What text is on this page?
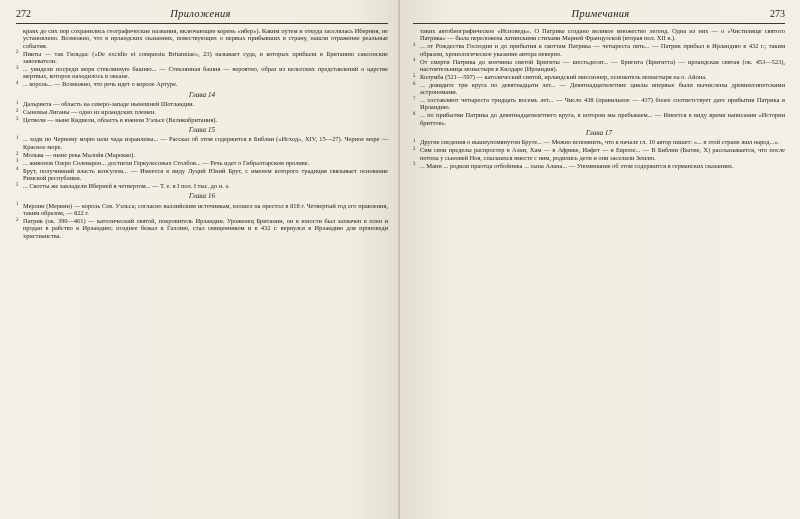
272	Приложения
краях до сих пор сохранились географические названия, включающие корень «ибер»). Каким путем и откуда заселялась Иберния, не установлено. Возможно, что в ирландских сказаниях, повествующих о первых прибывших в страну, нашли отражение реальные события.
2 Пикты — так Гильдас («De excidio et conquestu Britanniae», 23) называет суда, в которых прибыли в Британию саксонские завоеватели.
3 ... увидели посреди моря стеклянную башню... — Стеклянная башня — вероятно, образ из кельтских представлений о царстве мертвых, которое находилось в океане.
4 ... король... — Возможно, что речь идет о короле Артуре.
Глава 14
1 Дальриета — область на северо-западе нынешней Шотландии.
2 Сыновья Лиганы — одно из ирландских племен.
3 Цетвели — ныне Кидвели, область в южном Уэльсе (Великобритания).
Глава 15
1 ... ходи по Черному морю шли чада израилевы... — Рассказ об этом содержится в Библии («Исход», XIV, 15—27). Черное море — Красное море.
2 Мольва — ныне река Малойя (Марокко).
3 ... живопов Озеро Солеварен... достигли Геркулесовых Столбов... — Речь идет о Гибралтарском проливе.
4 Брут, получивший власть консулом... — Имеется в виду Луций Юний Брут, с именем которого традиция связывает основание Римской республики.
5 ... Скотты же завладели Иберией в четвертом... — Т. е. в I пол. I тыс. до н. э.
Глава 16
1 Мерлин (Мервин) — король Сев. Уэльса; согласно валлийским источникам, взошел на престол в 818 г. Четвертый год его правления, таким образом, — 822 г.
2 Патрик (ок. 390—461) — католический святой, покровитель Ирландии. Уроженец Британии, он в юности был захвачен в плен и продан в рабство в Ирландию; позднее бежал в Галлию, стал священником и в 432 г. вернулся в Ирландию для проповеди христианства.
Примечания	273
таких автобиографическое «Исповедь». О Патрике создано великое множество легенд. Одна из них — о «Чистилище святого Патрика» — была переложена латинскими стихами Марией Французской (вторая пол. XII в.).
3 ... от Рождества Господня и до прибытия к скоттам Патрика — четыреста пять... — Патрик прибыл в Ирландию в 432 г.; таким образом, хронологическое указание автора неверно.
4 От смерти Патрика до кончины святой Бригиты — шестьдесят... — Бригита (Бригитта) — ирландская святая (ок. 453—523), настоятельница монастыря в Килдаре (Ирландия).
5 Колумба (521—597) — католический святой, ирландский миссионер, основатель монастыря на о. Айона.
6 ... довидите три круга по девятнадцати лет... — Девятнадцатилетние циклы впервые были вычислены древнеегипетскими астрономами.
7 ... составляют четыреста тридцать восемь лет... — Число 438 (правильное — 437) более соответствует дате прибытия Патрика в Ирландию.
8 ... по прибытии Патрика до девятнадцатилетнего круга, в котором мы пребываем... — Имеется в виду время написания «Истории бриттов».
Глава 17
1 Другие сведения о вышеупомянутом Бруте... — Можно вспомнить, что в начале гл. 10 автор пишет: «... в этой стране жил народ...».
2 Сим свои пределы распростер в Азии, Хам — в Африке, Иафет — в Европе... — В Библии (Бытие, X) рассказывается, что после потопа у сыновей Ноя, спасшихся вместе с ним, родились дети и они заселили Землю.
3 ... Манн ... родили праотца отбойника ... сына Алана... — Упоминание об этом содержится в германских сказаниях.
